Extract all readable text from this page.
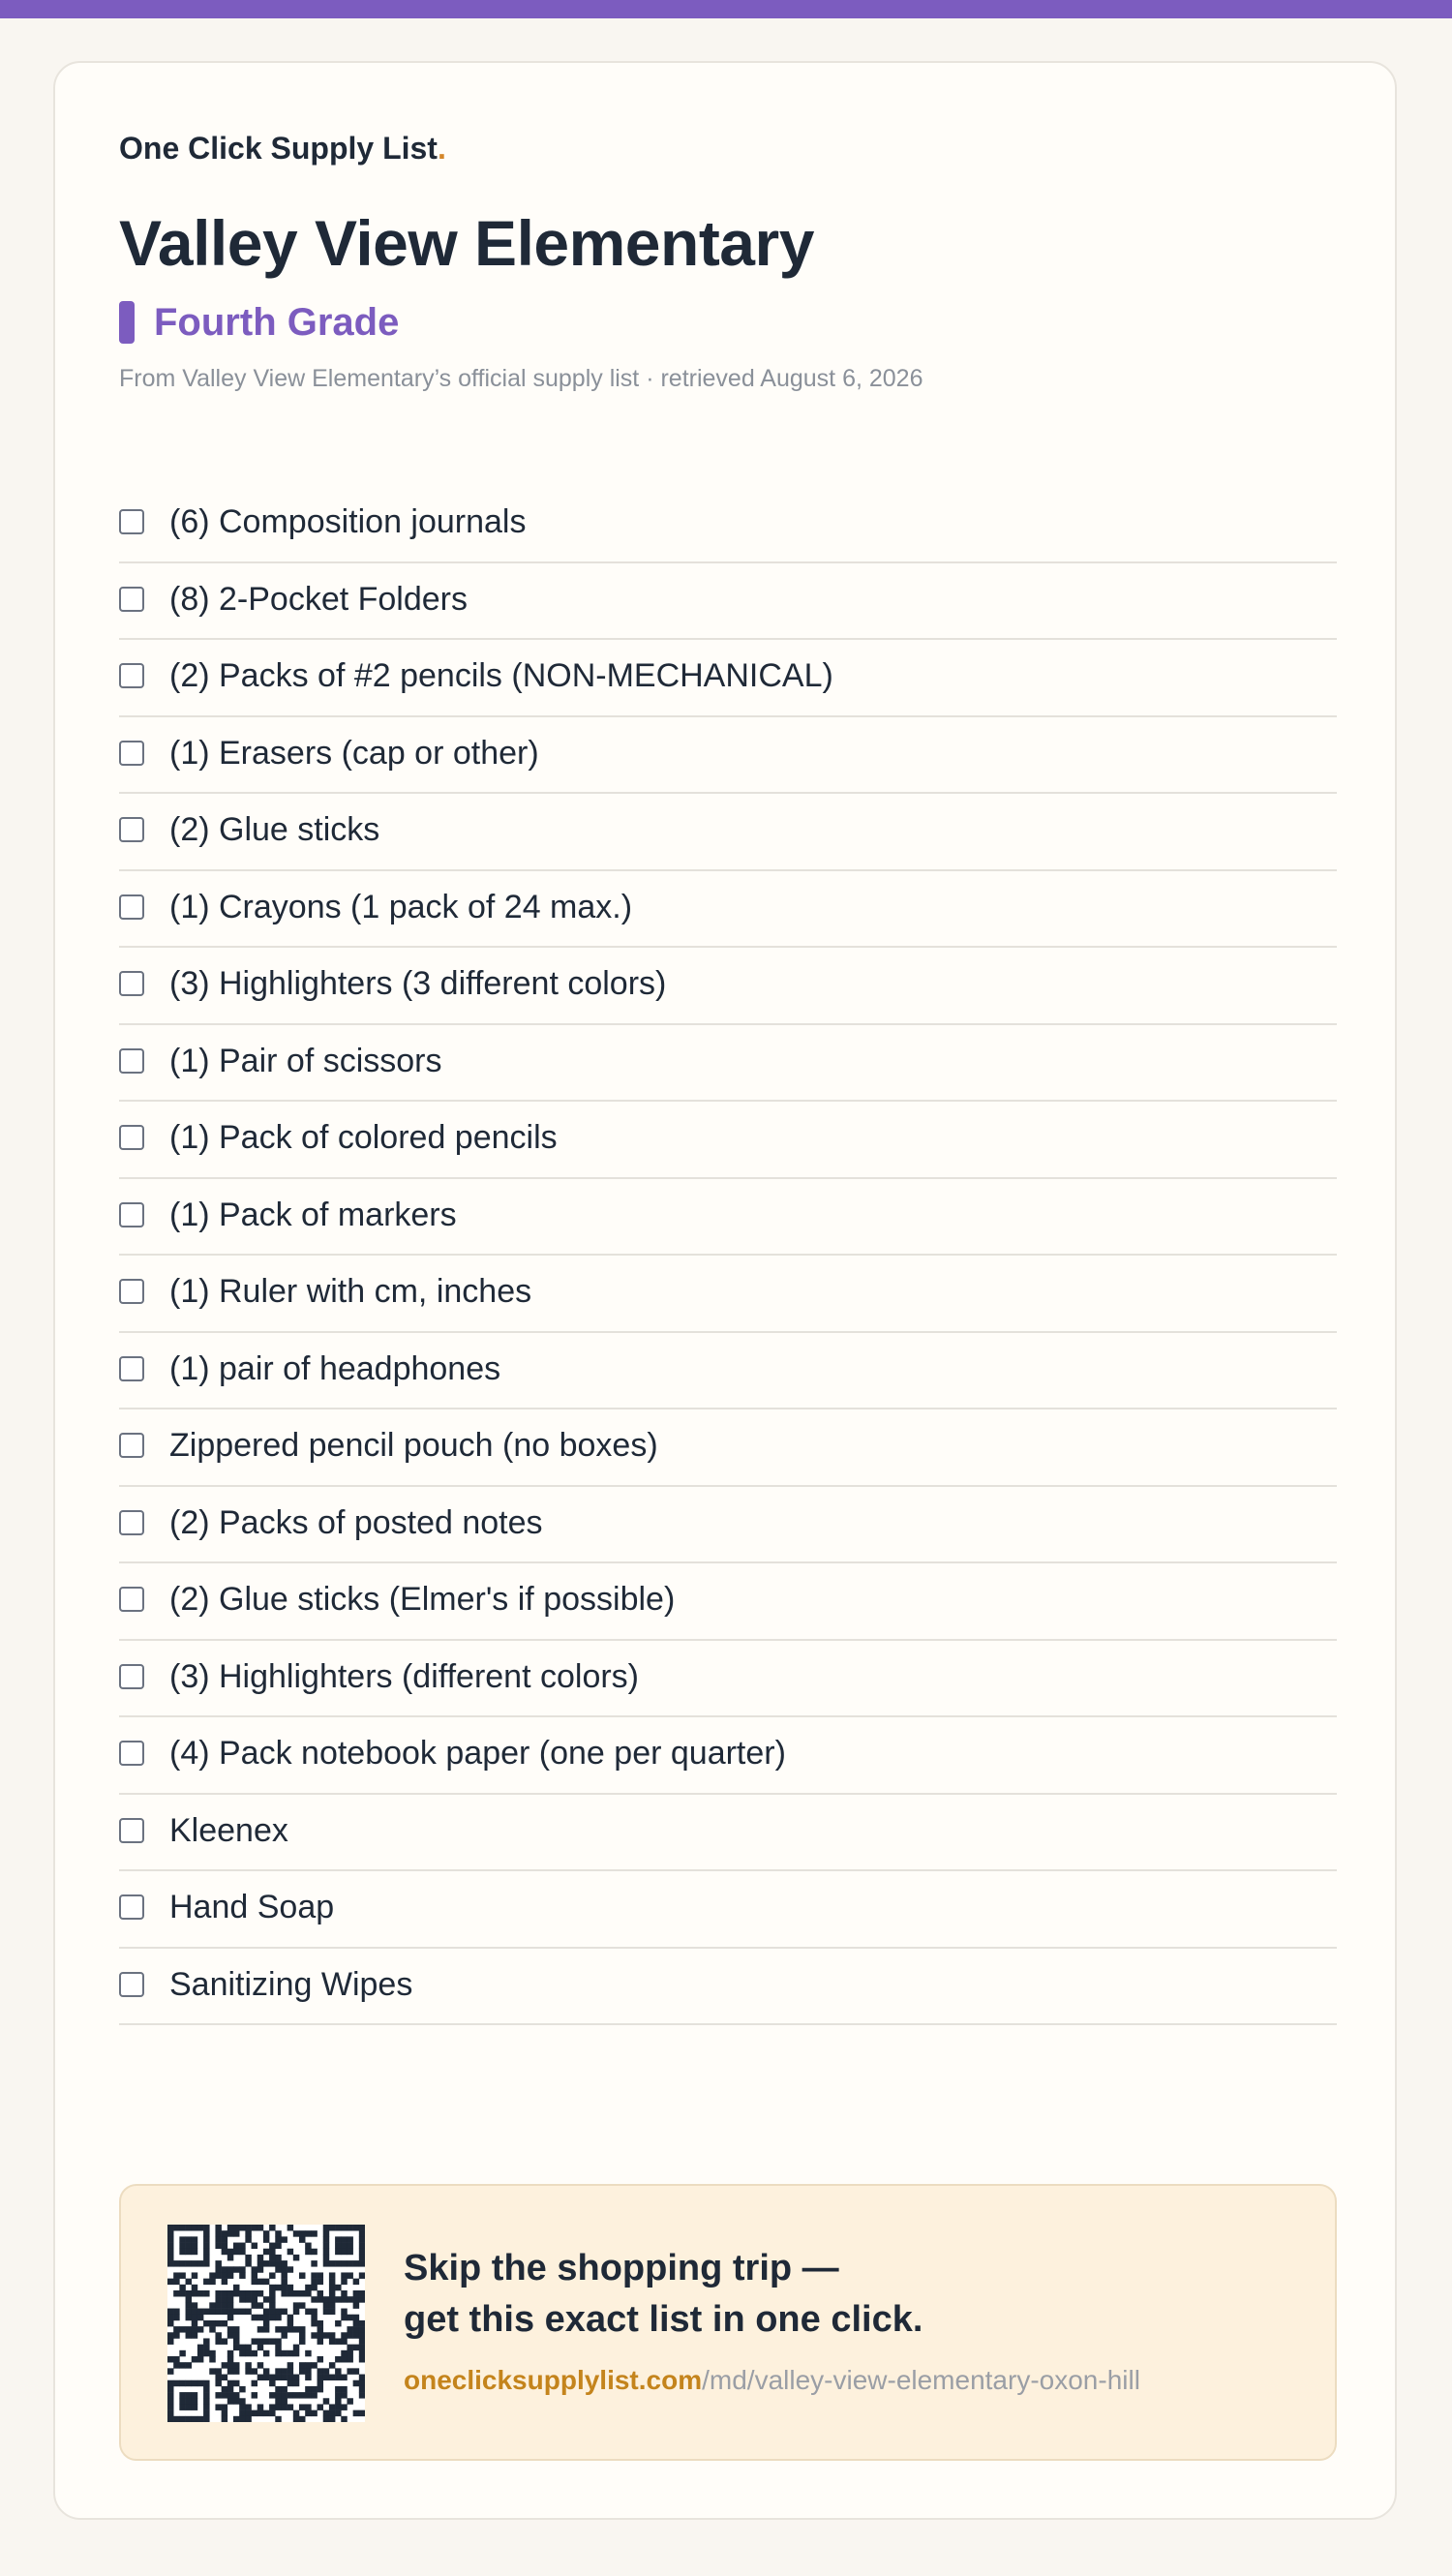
One Click Supply List.
Valley View Elementary
Fourth Grade
From Valley View Elementary’s official supply list · retrieved August 6, 2026
(6) Composition journals
(8) 2-Pocket Folders
(2) Packs of #2 pencils (NON-MECHANICAL)
(1) Erasers (cap or other)
(2) Glue sticks
(1) Crayons (1 pack of 24 max.)
(3) Highlighters (3 different colors)
(1) Pair of scissors
(1) Pack of colored pencils
(1) Pack of markers
(1) Ruler with cm, inches
(1) pair of headphones
Zippered pencil pouch (no boxes)
(2) Packs of posted notes
(2) Glue sticks (Elmer's if possible)
(3) Highlighters (different colors)
(4) Pack notebook paper (one per quarter)
Kleenex
Hand Soap
Sanitizing Wipes
Skip the shopping trip —
get this exact list in one click.
oneclicksupplylist.com/md/valley-view-elementary-oxon-hill
